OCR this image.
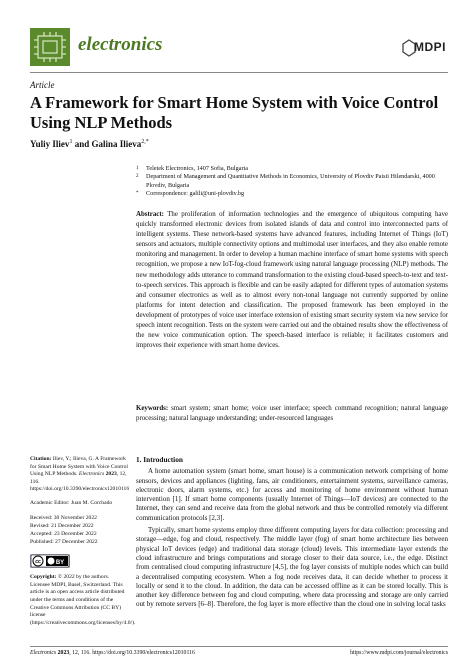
electronics	MDPI
Article
A Framework for Smart Home System with Voice Control Using NLP Methods
Yuliy Iliev$^1$ and Galina Ilieva$^{2,*}$
1 Teletek Electronics, 1407 Sofia, Bulgaria
2 Department of Management and Quantitative Methods in Economics, University of Plovdiv Paisii Hilendarski, 4000 Plovdiv, Bulgaria
* Correspondence: galili@uni-plovdiv.bg
Abstract: The proliferation of information technologies and the emergence of ubiquitous computing have quickly transformed electronic devices from isolated islands of data and control into interconnected parts of intelligent systems. These network-based systems have advanced features, including Internet of Things (IoT) sensors and actuators, multiple connectivity options and multimodal user interfaces, and they also enable remote monitoring and management. In order to develop a human machine interface of smart home systems with speech recognition, we propose a new IoT-fog-cloud framework using natural language processing (NLP) methods. The new methodology adds utterance to command transformation to the existing cloud-based speech-to-text and text-to-speech services. This approach is flexible and can be easily adapted for different types of automation systems and consumer electronics as well as to almost every non-tonal language not currently supported by online platforms for intent detection and classification. The proposed framework has been employed in the development of prototypes of voice user interface extension of existing smart security system via new service for speech intent recognition. Tests on the system were carried out and the obtained results show the effectiveness of the new voice communication option. The speech-based interface is reliable; it facilitates customers and improves their experience with smart home devices.
Keywords: smart system; smart home; voice user interface; speech command recognition; natural language processing; natural language understanding; under-resourced languages
Citation: Iliev, Y.; Ilieva, G. A Framework for Smart Home System with Voice Control Using NLP Methods. Electronics 2023, 12, 116. https://doi.org/10.3390/electronics12010116
Academic Editor: Juan M. Corchado
Received: 30 November 2022
Revised: 21 December 2022
Accepted: 23 December 2022
Published: 27 December 2022
cc	BY
Copyright: © 2022 by the authors. Licensee MDPI, Basel, Switzerland. This article is an open access article distributed under the terms and conditions of the Creative Commons Attribution (CC BY) license (https://creativecommons.org/licenses/by/4.0/).
1. Introduction
A home automation system (smart home, smart house) is a communication network comprising of home sensors, devices and appliances (lighting, fans, air conditioners, entertainment systems, surveillance cameras, electronic doors, alarm systems, etc.) for access and monitoring of home environment without human intervention [1]. If smart home components (usually Internet of Things—IoT devices) are connected to the Internet, they can send and receive data from the global network and thus be controlled remotely via different communication protocols [2,3].
Typically, smart home systems employ three different computing layers for data collection: processing and storage—edge, fog and cloud, respectively. The middle layer (fog) of smart home architecture lies between physical IoT devices (edge) and traditional data storage (cloud) levels. This intermediate layer extends the cloud infrastructure and brings computations and storage closer to their data source, i.e., the edge. Distinct from centralised cloud computing infrastructure [4,5], the fog layer consists of multiple nodes which can build a decentralised computing ecosystem. When a fog node receives data, it can decide whether to process it locally or send it to the cloud. In addition, the data can be accessed offline as it can be stored locally. This is another key difference between fog and cloud computing, where data processing and storage are only carried out by remote servers [6–8]. Therefore, the fog layer is more effective than the cloud one in solving local tasks
Electronics 2023, 12, 116. https://doi.org/10.3390/electronics12010116	https://www.mdpi.com/journal/electronics
